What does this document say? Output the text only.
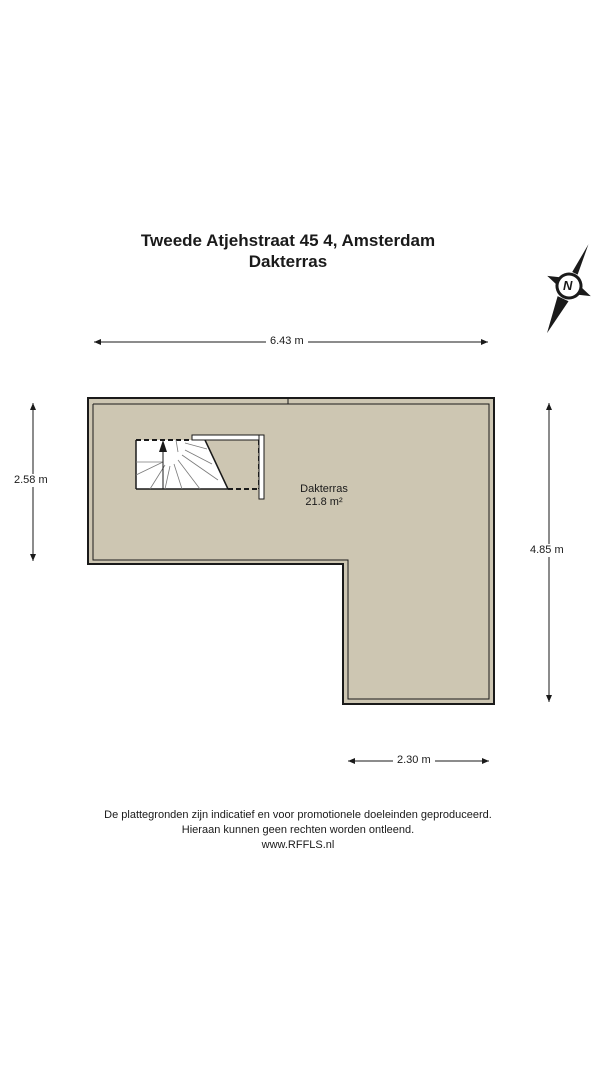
Tweede Atjehstraat 45 4, Amsterdam
Dakterras
6.43 m
2.58 m
4.85 m
2.30 m
Dakterras
21.8 m²
N
De plattegronden zijn indicatief en voor promotionele doeleinden geproduceerd.
Hieraan kunnen geen rechten worden ontleend.
www.RFFLS.nl
